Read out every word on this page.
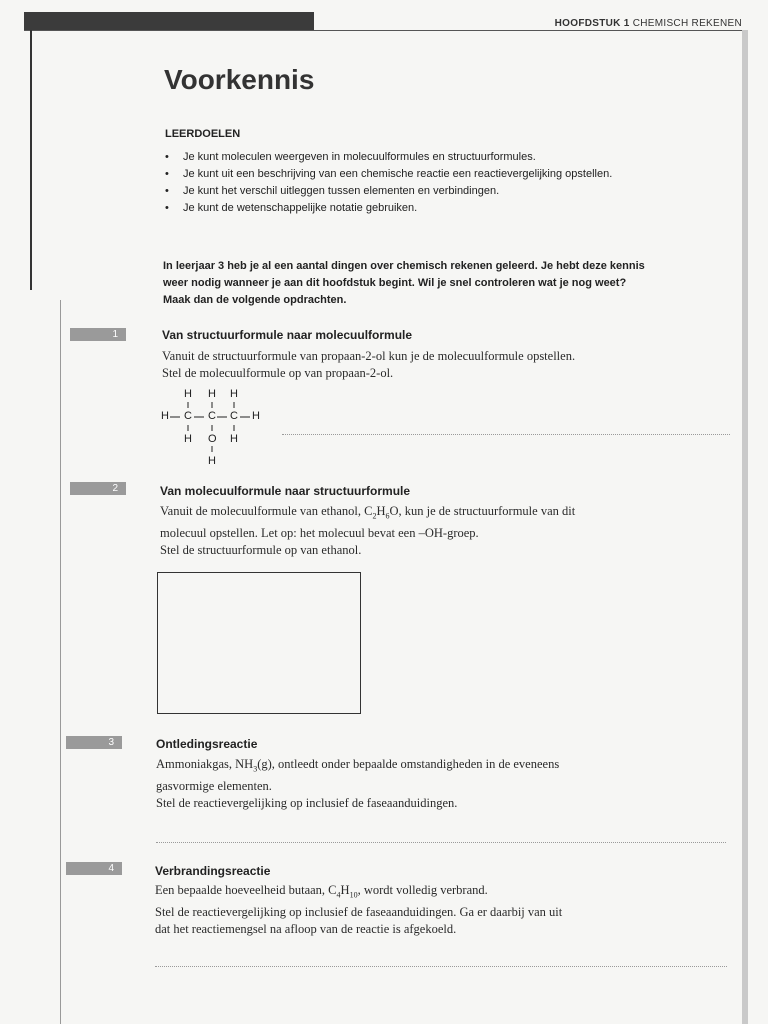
HOOFDSTUK 1 CHEMISCH REKENEN
Voorkennis
LEERDOELEN
• Je kunt moleculen weergeven in molecuulformules en structuurformules.
• Je kunt uit een beschrijving van een chemische reactie een reactievergelijking opstellen.
• Je kunt het verschil uitleggen tussen elementen en verbindingen.
• Je kunt de wetenschappelijke notatie gebruiken.
In leerjaar 3 heb je al een aantal dingen over chemisch rekenen geleerd. Je hebt deze kennis weer nodig wanneer je aan dit hoofdstuk begint. Wil je snel controleren wat je nog weet? Maak dan de volgende opdrachten.
1	Van structuurformule naar molecuulformule
Vanuit de structuurformule van propaan-2-ol kun je de molecuulformule opstellen.
Stel de molecuulformule op van propaan-2-ol.
H H H
H C C C H
H O H
H
2	Van molecuulformule naar structuurformule
Vanuit de molecuulformule van ethanol, $C_2H_6O$, kun je de structuurformule van dit
molecuul opstellen. Let op: het molecuul bevat een –OH-groep.
Stel de structuurformule op van ethanol.
3	Ontledingsreactie
Ammoniakgas, $NH_3(g)$, ontleedt onder bepaalde omstandigheden in de eveneens
gasvormige elementen.
Stel de reactievergelijking op inclusief de faseaanduidingen.
4	Verbrandingsreactie
Een bepaalde hoeveelheid butaan, $C_4H_{10}$, wordt volledig verbrand.
Stel de reactievergelijking op inclusief de faseaanduidingen. Ga er daarbij van uit
dat het reactiemengsel na afloop van de reactie is afgekoeld.
